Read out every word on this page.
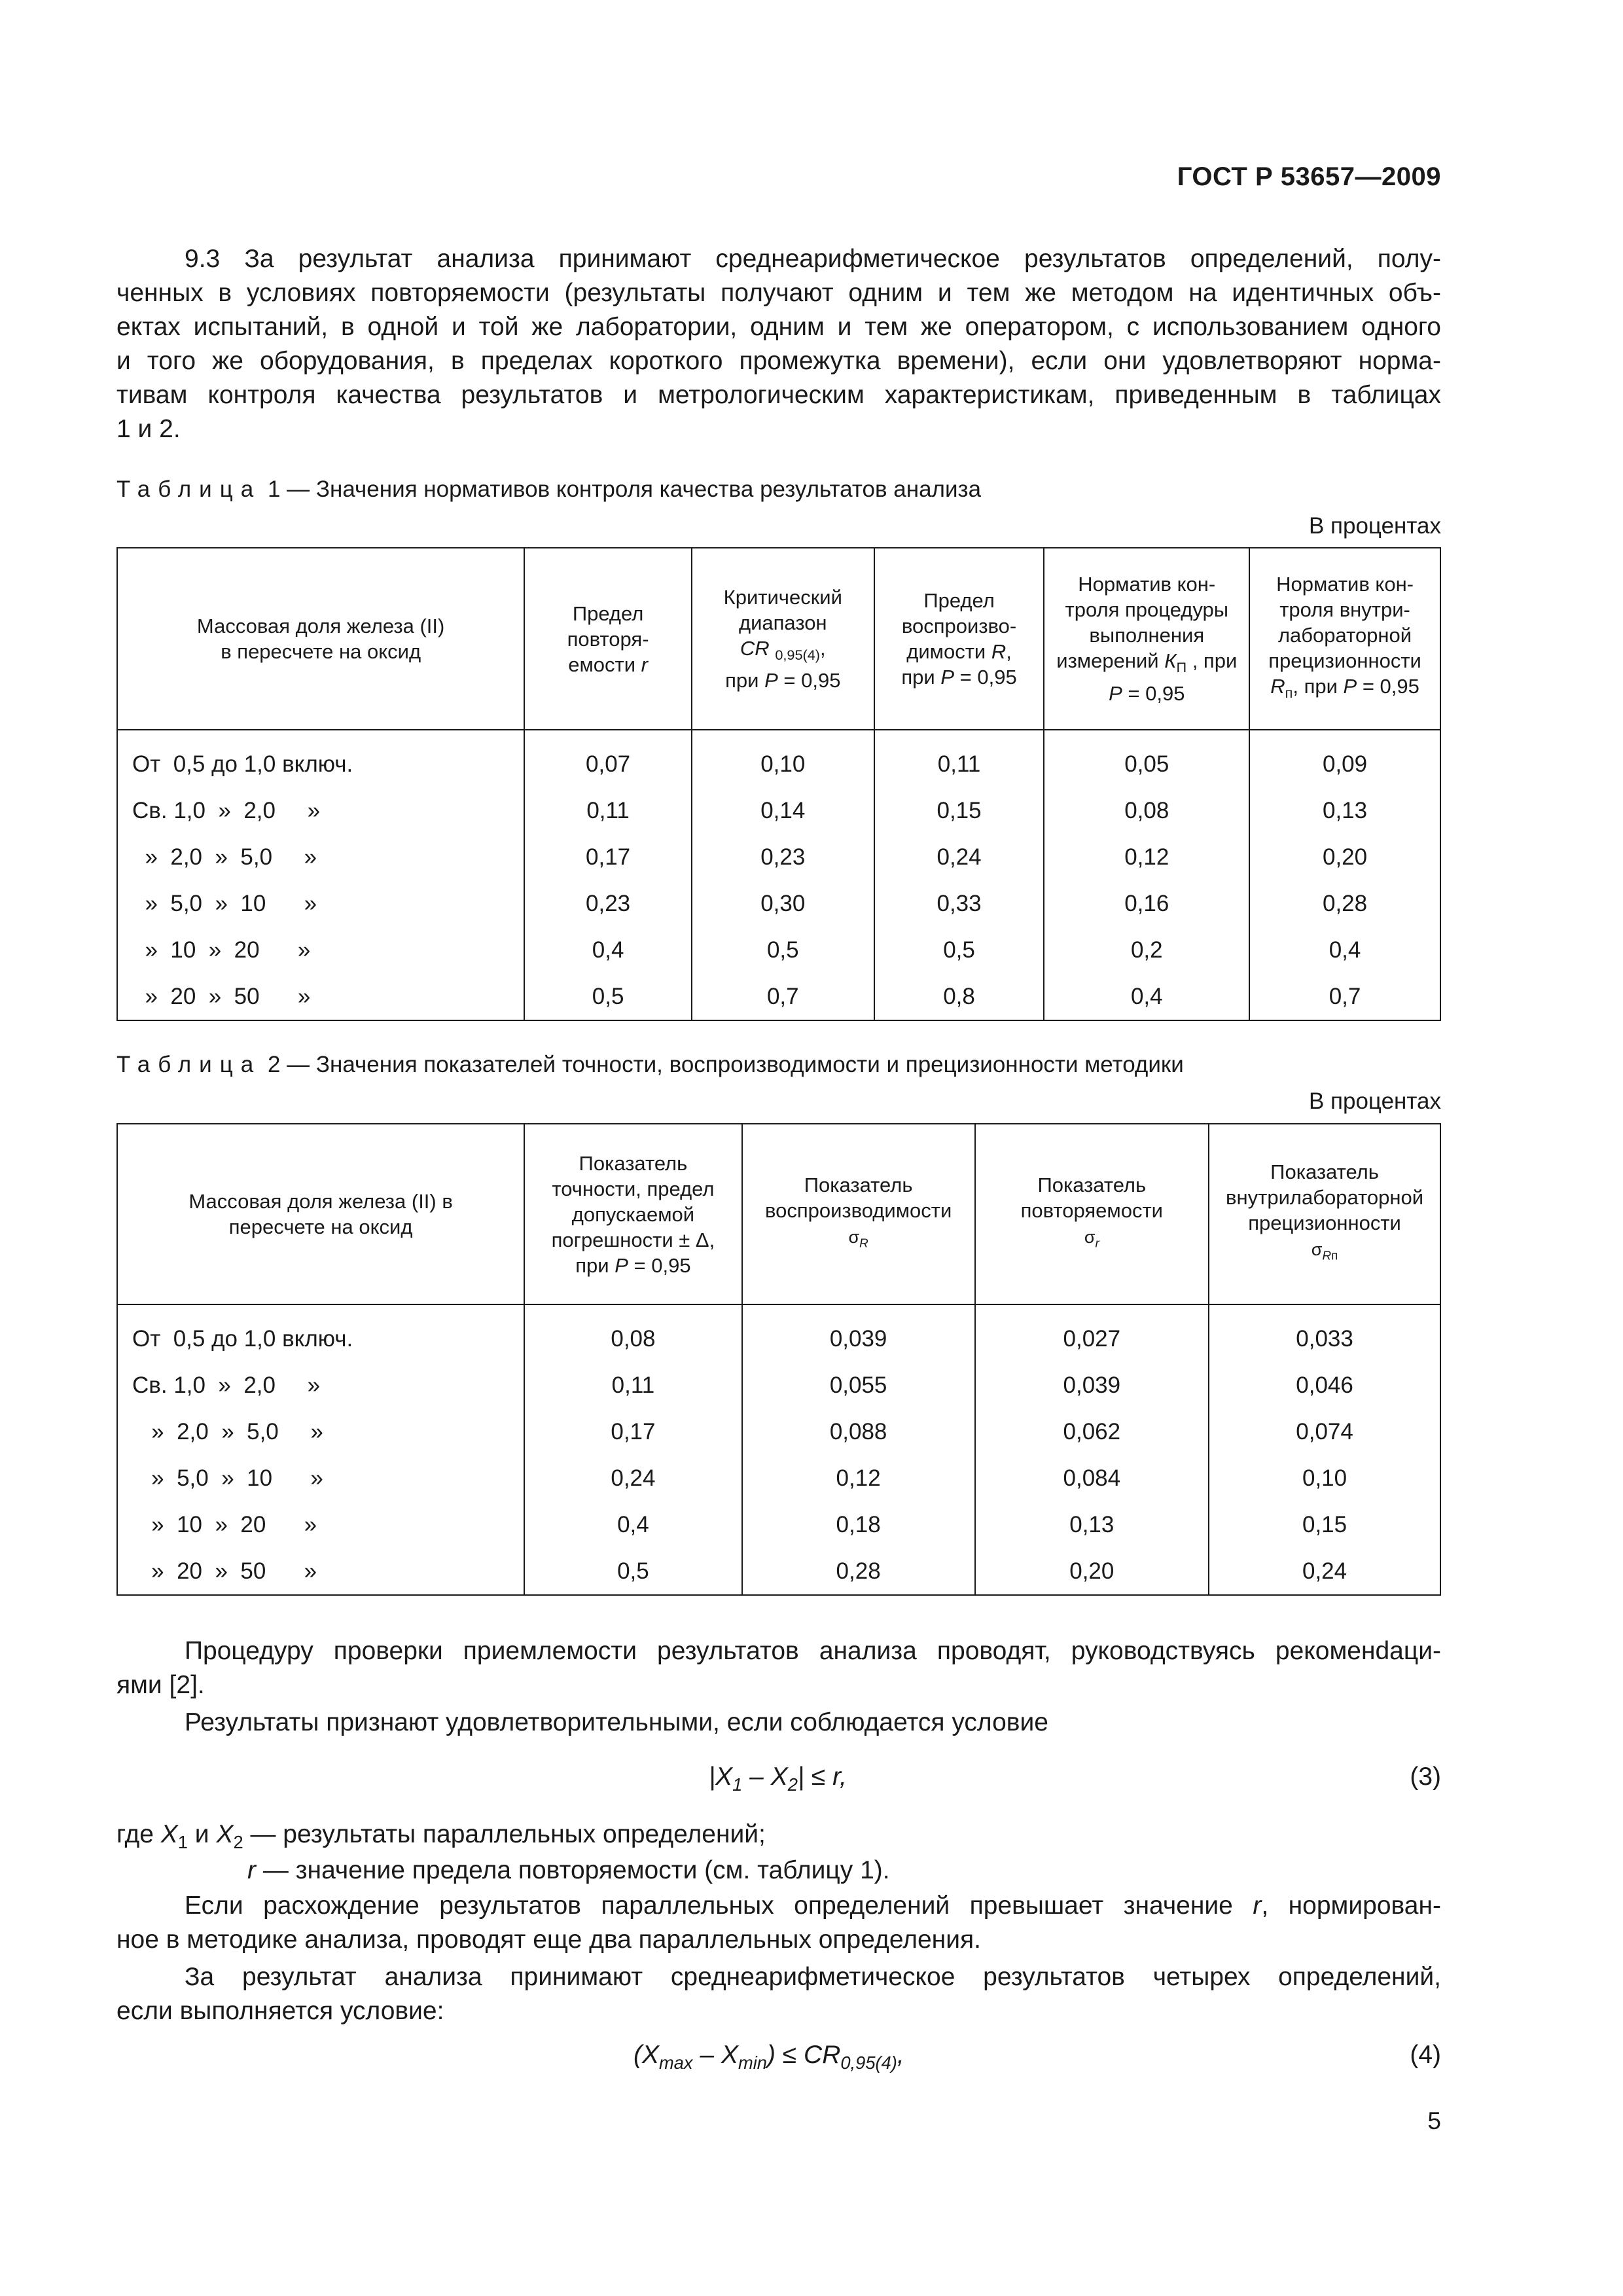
ГОСТ Р 53657—2009
9.3 За результат анализа принимают среднеарифметическое результатов определений, полу-
ченных в условиях повторяемости (результаты получают одним и тем же методом на идентичных объ-
ектах испытаний, в одной и той же лаборатории, одним и тем же оператором, с использованием одного
и того же оборудования, в пределах короткого промежутка времени), если они удовлетворяют норма-
тивам контроля качества результатов и метрологическим характеристикам, приведенным в таблицах
1 и 2.
Таблица 1 — Значения нормативов контроля качества результатов анализа
В процентах
Массовая доля железа (II)
в пересчете на оксид	Предел
повторя-
емости r	Критический
диапазон
CR $_{0,95(4)}$,
при P = 0,95	Предел
воспроизво-
димости R,
при P = 0,95	Норматив кон-
троля процедуры
выполнения
измерений $К_П$ , при
P = 0,95	Норматив кон-
троля внутри-
лабораторной
прецизионности
$R_п$, при P = 0,95
От  0,5 до 1,0 включ.	0,07	0,10	0,11	0,05	0,09
Св. 1,0  »  2,0     »	0,11	0,14	0,15	0,08	0,13
»  2,0  »  5,0     »	0,17	0,23	0,24	0,12	0,20
»  5,0  »  10      »	0,23	0,30	0,33	0,16	0,28
»  10  »  20      »	0,4	0,5	0,5	0,2	0,4
»  20  »  50      »	0,5	0,7	0,8	0,4	0,7
Таблица 2 — Значения показателей точности, воспроизводимости и прецизионности методики
В процентах
Массовая доля железа (II) в
пересчете на оксид	Показатель
точности, предел
допускаемой
погрешности ± Δ,
при P = 0,95	Показатель
воспроизводимости
$\sigma_R$	Показатель
повторяемости
$\sigma_r$	Показатель
внутрилабораторной
прецизионности
$\sigma_{Rп}$
От  0,5 до 1,0 включ.	0,08	0,039	0,027	0,033
Св. 1,0  »  2,0     »	0,11	0,055	0,039	0,046
»  2,0  »  5,0     »	0,17	0,088	0,062	0,074
»  5,0  »  10      »	0,24	0,12	0,084	0,10
»  10  »  20      »	0,4	0,18	0,13	0,15
»  20  »  50      »	0,5	0,28	0,20	0,24
Процедуру проверки приемлемости результатов анализа проводят, руководствуясь рекоменdaци-
ями [2].
Результаты признают удовлетворительными, если соблюдается условие
$|X_1 - X_2| \le r$,	(3)
где $X_1$ и $X_2$ — результаты параллельных определений;
r — значение предела повторяемости (см. таблицу 1).
Если расхождение результатов параллельных определений превышает значение r, нормирован-
ное в методике анализа, проводят еще два параллельных определения.
За результат анализа принимают среднеарифметическое результатов четырех определений,
если выполняется условие:
$(X_{max} - X_{min}) \le CR_{0,95(4)}$,	(4)
5
